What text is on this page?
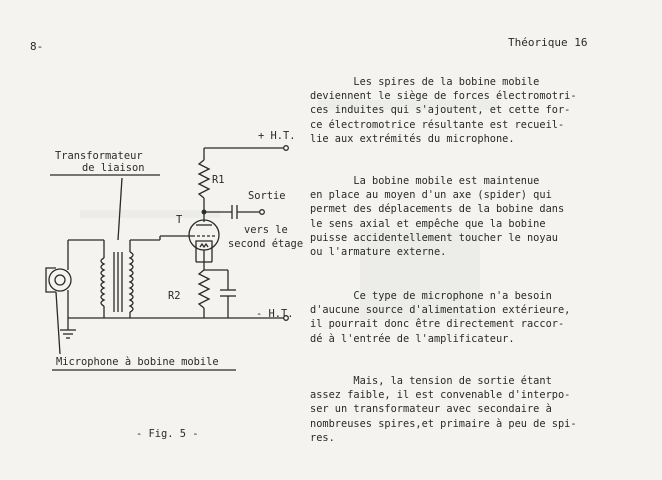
8-	Théorique 16
Transformateur
de liaison
+ H.T.
R1
Sortie
T
vers le
second étage
R2
- H.T.
Microphone à bobine mobile
- Fig. 5 -

Les spires de la bobine mobile
deviennent le siège de forces électromotri-
ces induites qui s'ajoutent, et cette for-
ce électromotrice résultante est recueil-
lie aux extrémités du microphone.

La bobine mobile est maintenue
en place au moyen d'un axe (spider) qui
permet des déplacements de la bobine dans
le sens axial et empêche que la bobine
puisse accidentellement toucher le noyau
ou l'armature externe.

Ce type de microphone n'a besoin
d'aucune source d'alimentation extérieure,
il pourrait donc être directement raccor-
dé à l'entrée de l'amplificateur.

Mais, la tension de sortie étant
assez faible, il est convenable d'interpo-
ser un transformateur avec secondaire à
nombreuses spires,et primaire à peu de spi-
res.
